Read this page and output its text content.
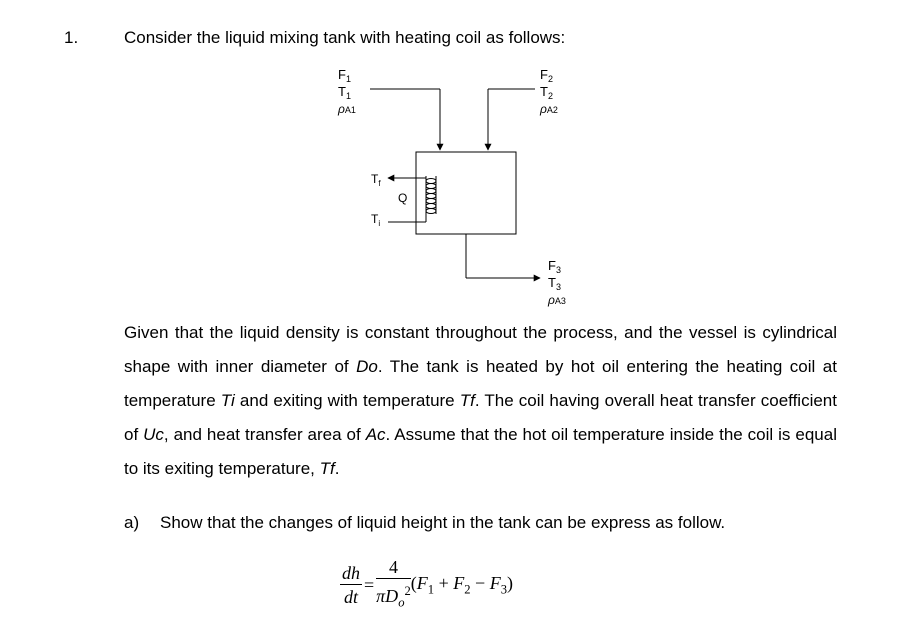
1.	Consider the liquid mixing tank with heating coil as follows:
$F_1$
$T_1$
ρA1
$F_2$
$T_2$
ρA2
$T_f$
Q
$T_i$
$F_3$
$T_3$
ρA3
Given that the liquid density is constant throughout the process, and the vessel is cylindrical shape with inner diameter of Do. The tank is heated by hot oil entering the heating coil at temperature Ti and exiting with temperature Tf. The coil having overall heat transfer coefficient of Uc, and heat transfer area of Ac. Assume that the hot oil temperature inside the coil is equal to its exiting temperature, Tf.
a) Show that the changes of liquid height in the tank can be express as follow.
$\frac{dh}{dt} = \frac{4}{\pi D_o^2} (F_1 + F_2 - F_3)$
